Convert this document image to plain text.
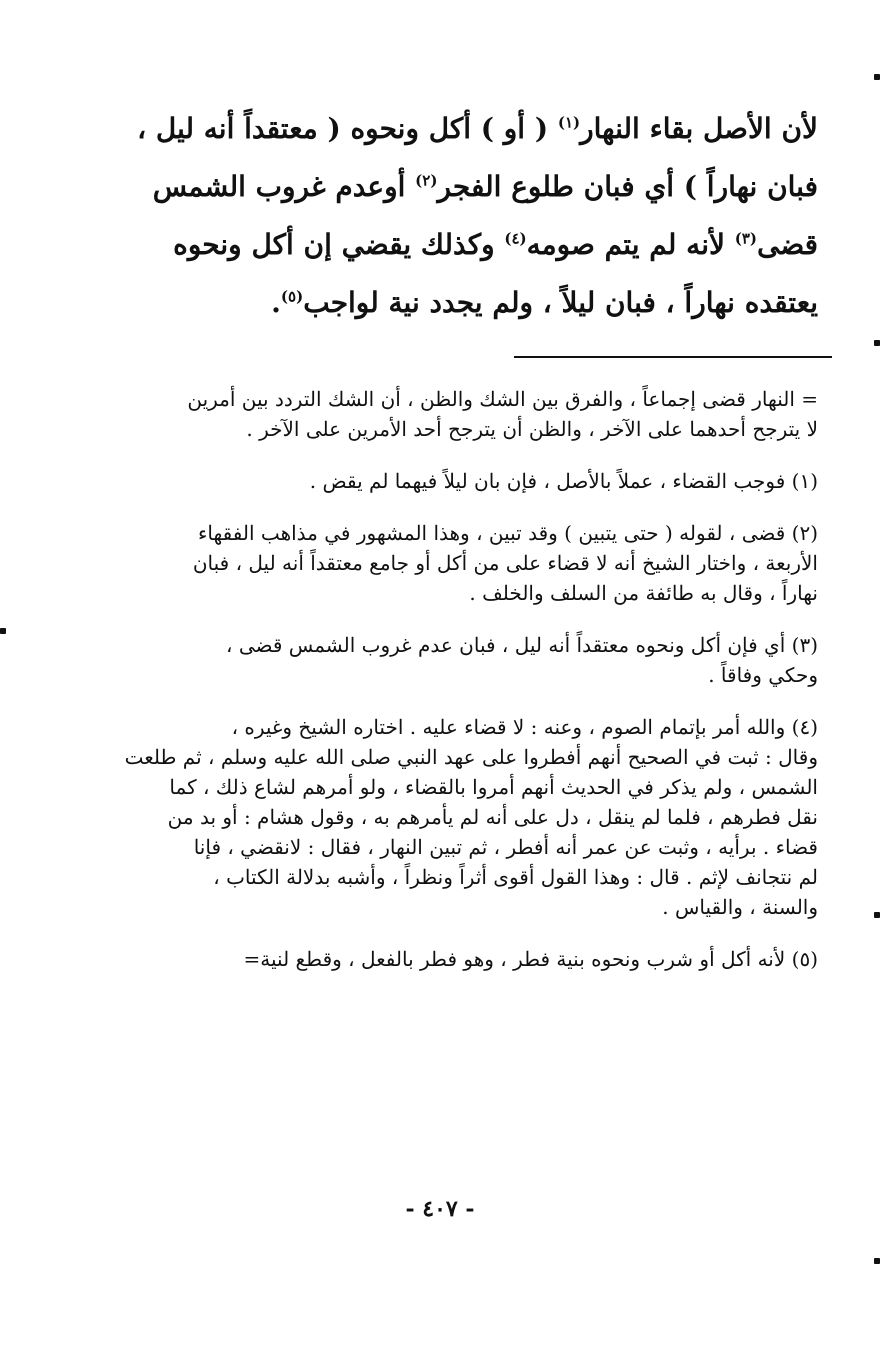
لأن الأصل بقاء النهار$^{(١)}$ ( أو ) أكل ونحوه ( معتقداً أنه ليل ،
فبان نهاراً ) أي فبان طلوع الفجر$^{(٢)}$ أوعدم غروب الشمس
قضى$^{(٣)}$ لأنه لم يتم صومه$^{(٤)}$ وكذلك يقضي إن أكل ونحوه
يعتقده نهاراً ، فبان ليلاً ، ولم يجدد نية لواجب$^{(٥)}$.
= النهار قضى إجماعاً ، والفرق بين الشك والظن ، أن الشك التردد بين أمرين
لا يترجح أحدهما على الآخر ، والظن أن يترجح أحد الأمرين على الآخر .
(١) فوجب القضاء ، عملاً بالأصل ، فإن بان ليلاً فيهما لم يقض .
(٢) قضى ، لقوله ( حتى يتبين ) وقد تبين ، وهذا المشهور في مذاهب الفقهاء
الأربعة ، واختار الشيخ أنه لا قضاء على من أكل أو جامع معتقداً أنه ليل ، فبان
نهاراً ، وقال به طائفة من السلف والخلف .
(٣) أي فإن أكل ونحوه معتقداً أنه ليل ، فبان عدم غروب الشمس قضى ،
وحكي وفاقاً .
(٤) والله أمر بإتمام الصوم ، وعنه : لا قضاء عليه . اختاره الشيخ وغيره ،
وقال : ثبت في الصحيح أنهم أفطروا على عهد النبي صلى الله عليه وسلم ، ثم طلعت
الشمس ، ولم يذكر في الحديث أنهم أمروا بالقضاء ، ولو أمرهم لشاع ذلك ، كما
نقل فطرهم ، فلما لم ينقل ، دل على أنه لم يأمرهم به ، وقول هشام : أو بد من
قضاء . برأيه ، وثبت عن عمر أنه أفطر ، ثم تبين النهار ، فقال : لانقضي ، فإنا
لم نتجانف لإثم . قال : وهذا القول أقوى أثراً ونظراً ، وأشبه بدلالة الكتاب ،
والسنة ، والقياس .
(٥) لأنه أكل أو شرب ونحوه بنية فطر ، وهو فطر بالفعل ، وقطع لنية=
- ٤٠٧ -
